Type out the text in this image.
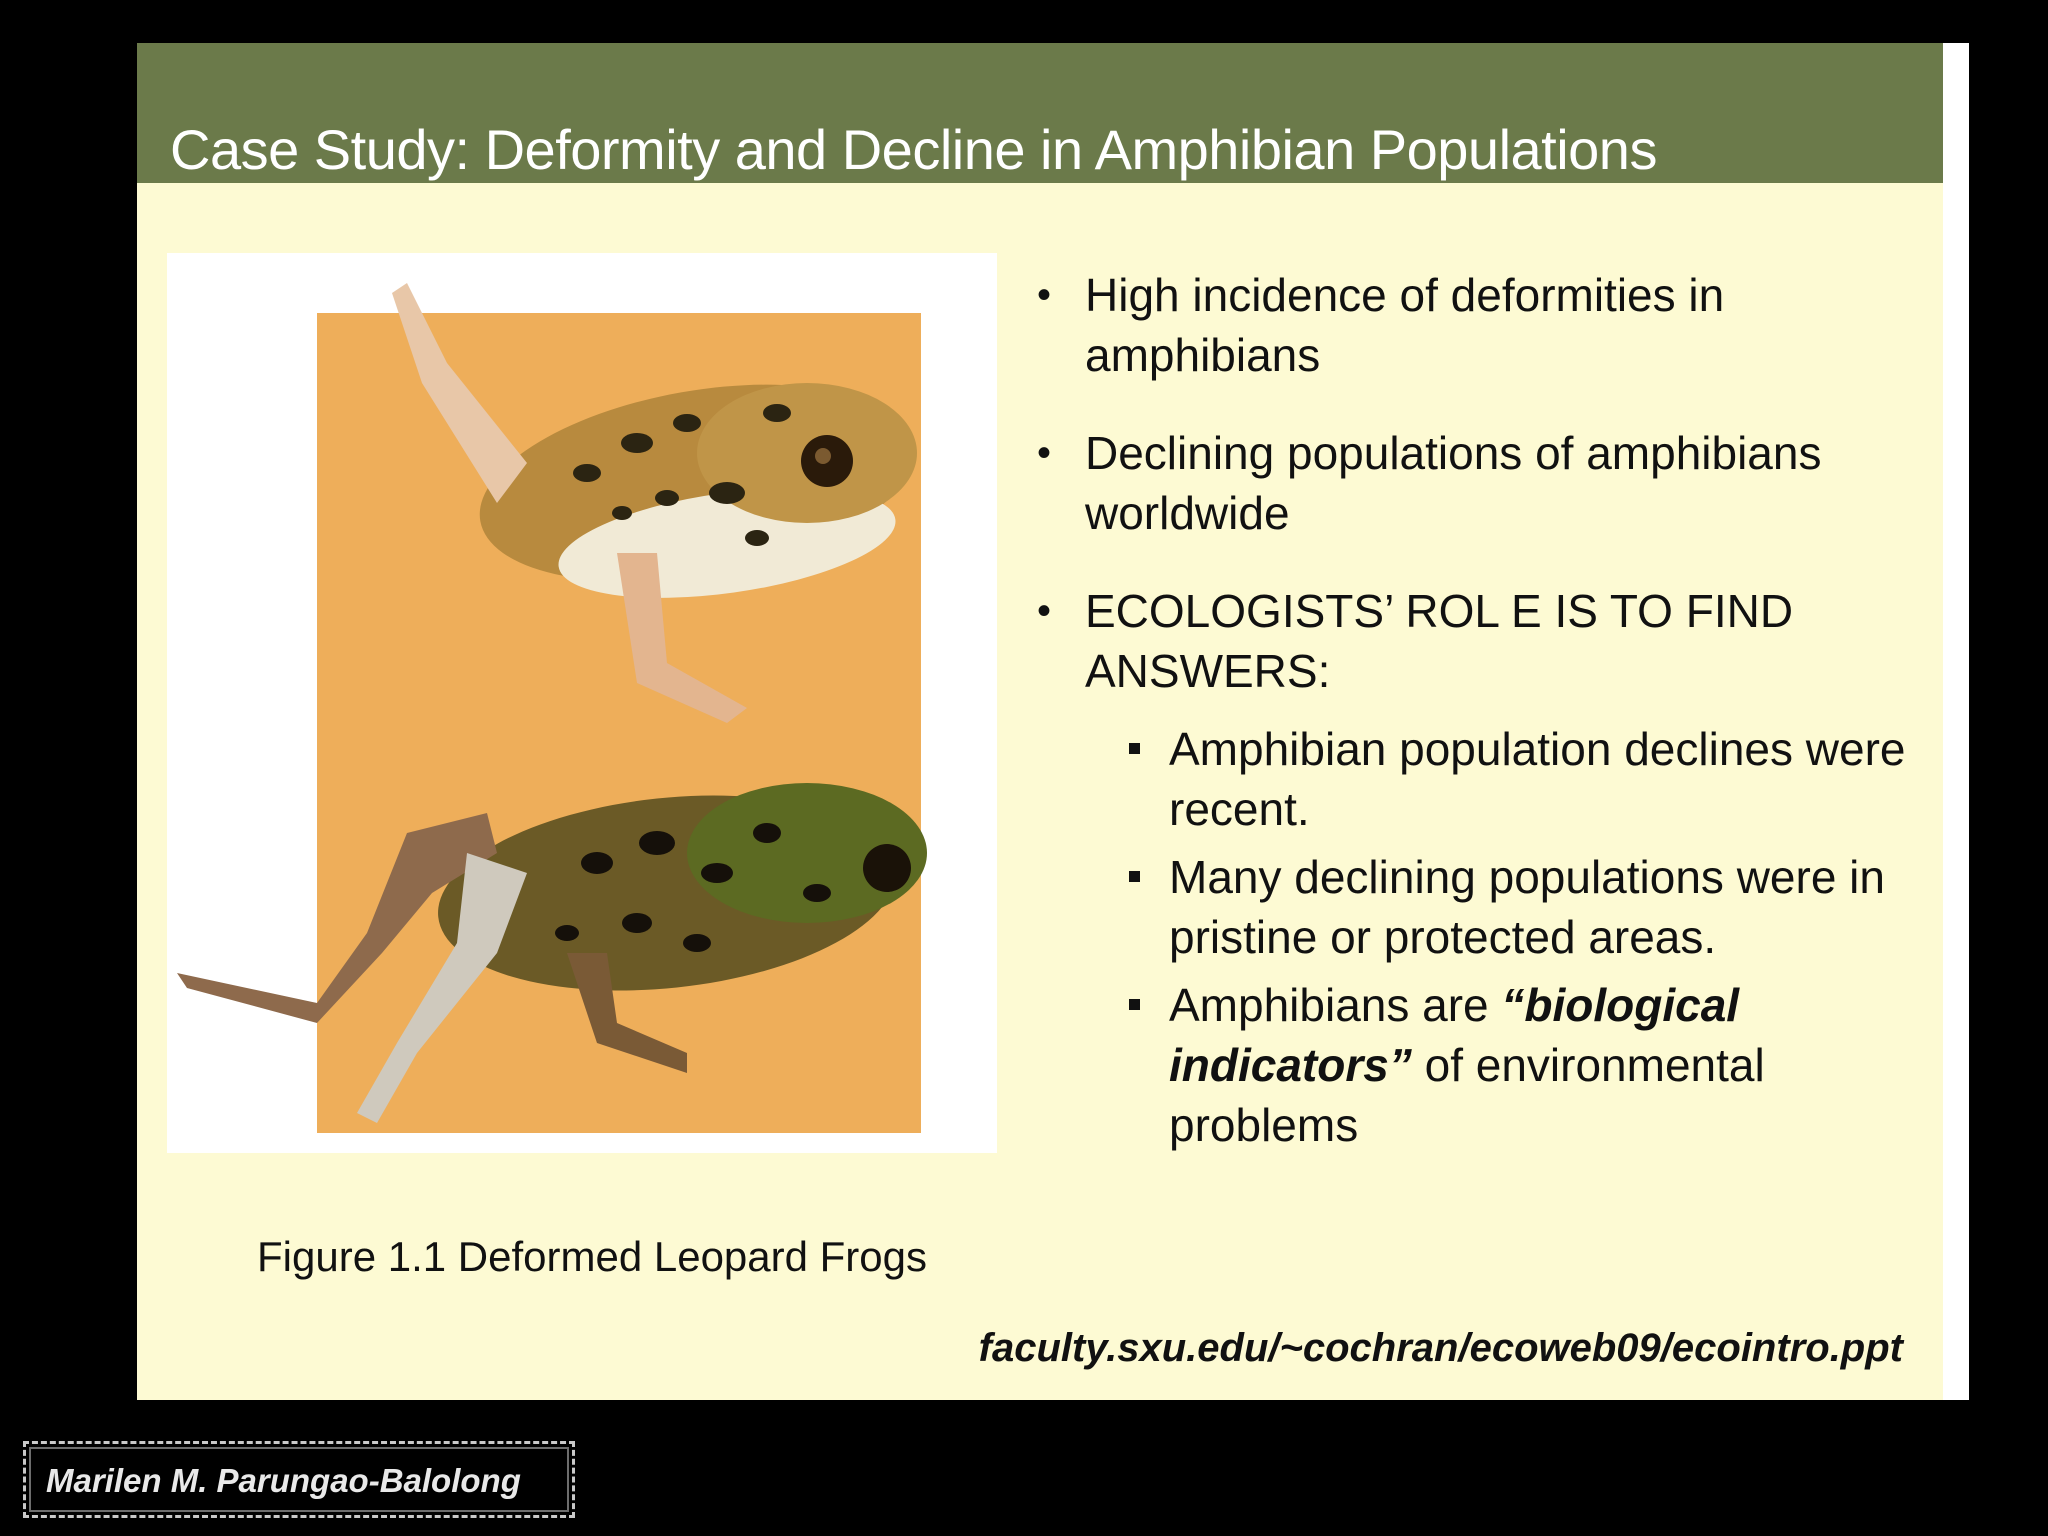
Case Study: Deformity and Decline in Amphibian Populations
Figure 1.1 Deformed Leopard Frogs
• High incidence of deformities in amphibians
• Declining populations of amphibians worldwide
• ECOLOGISTS’ ROL E IS TO FIND ANSWERS:
Amphibian population declines were recent.
Many declining populations were in pristine or protected areas.
Amphibians are “biological indicators” of environmental problems
faculty.sxu.edu/~cochran/ecoweb09/ecointro.ppt
Marilen M. Parungao-Balolong
